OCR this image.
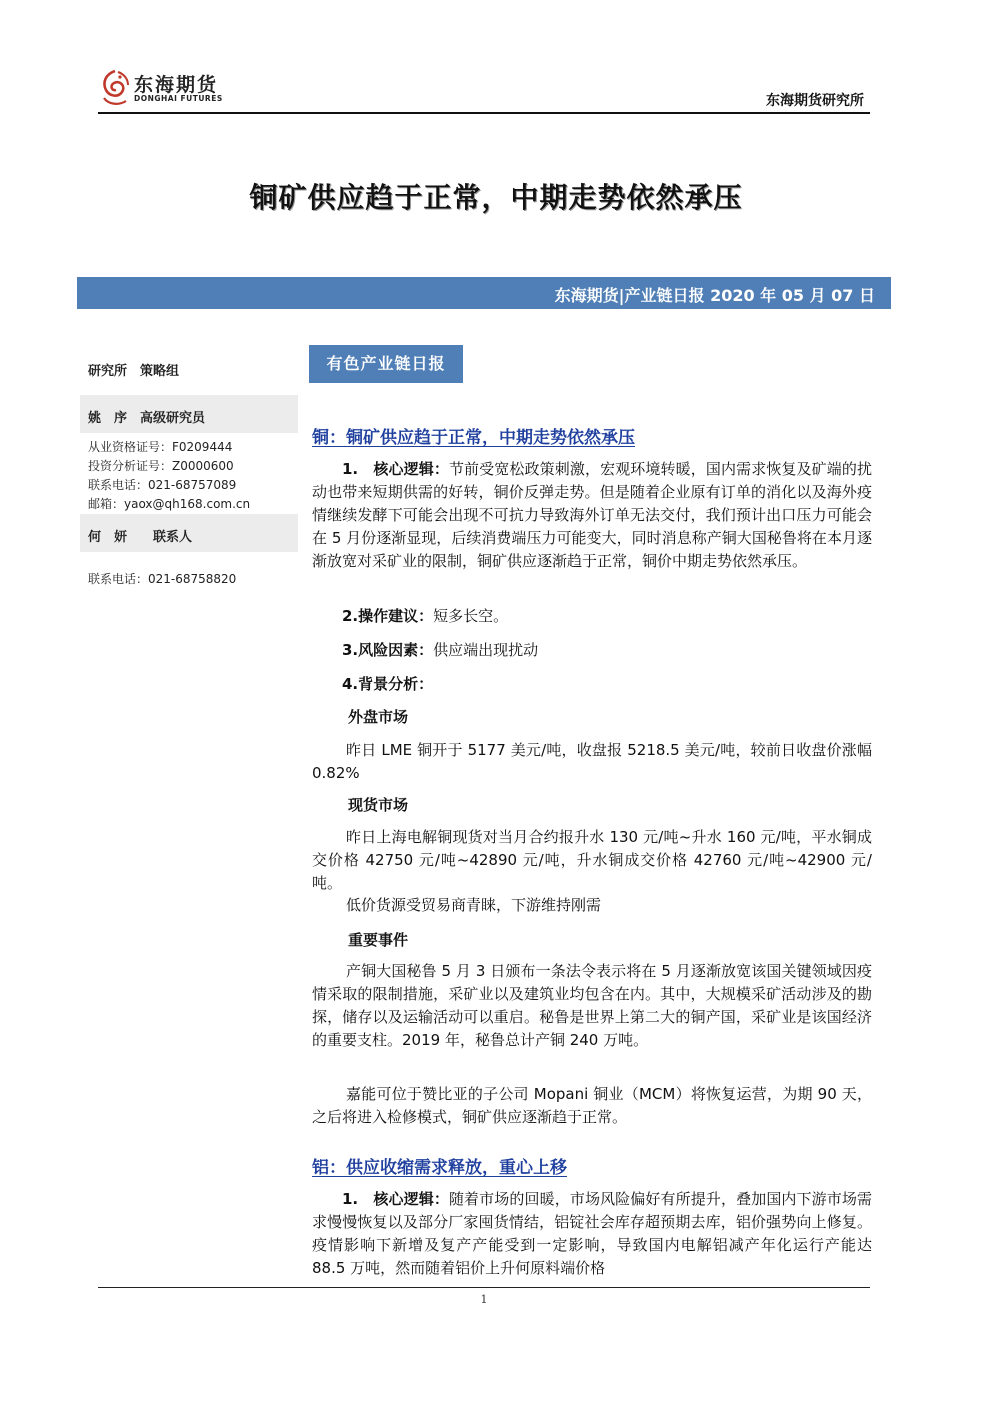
东海期货
DONGHAI FUTURES	东海期货研究所
铜矿供应趋于正常，中期走势依然承压
东海期货|产业链日报 2020 年 05 月 07 日
研究所　策略组
姚　序　高级研究员
从业资格证号：F0209444
投资分析证号：Z0000600
联系电话：021-68757089
邮箱：yaox@qh168.com.cn
何　妍　　联系人
联系电话：021-68758820
有色产业链日报
铜：铜矿供应趋于正常，中期走势依然承压

1.　核心逻辑：节前受宽松政策刺激，宏观环境转暖，国内需求恢复及矿端的扰动也带来短期供需的好转，铜价反弹走势。但是随着企业原有订单的消化以及海外疫情继续发酵下可能会出现不可抗力导致海外订单无法交付，我们预计出口压力可能会在 5 月份逐渐显现，后续消费端压力可能变大，同时消息称产铜大国秘鲁将在本月逐渐放宽对采矿业的限制，铜矿供应逐渐趋于正常，铜价中期走势依然承压。

2.操作建议：短多长空。

3.风险因素：供应端出现扰动

4.背景分析：

外盘市场

昨日 LME 铜开于 5177 美元/吨，收盘报 5218.5 美元/吨，较前日收盘价涨幅 0.82%

现货市场

昨日上海电解铜现货对当月合约报升水 130 元/吨~升水 160 元/吨，平水铜成交价格 42750 元/吨~42890 元/吨，升水铜成交价格 42760 元/吨~42900 元/吨。

低价货源受贸易商青睐，下游维持刚需

重要事件

产铜大国秘鲁 5 月 3 日颁布一条法令表示将在 5 月逐渐放宽该国关键领域因疫情采取的限制措施，采矿业以及建筑业均包含在内。其中，大规模采矿活动涉及的勘探，储存以及运输活动可以重启。秘鲁是世界上第二大的铜产国，采矿业是该国经济的重要支柱。2019 年，秘鲁总计产铜 240 万吨。

嘉能可位于赞比亚的子公司 Mopani 铜业（MCM）将恢复运营，为期 90 天，之后将进入检修模式，铜矿供应逐渐趋于正常。

铝：供应收缩需求释放，重心上移

1.　核心逻辑：随着市场的回暖，市场风险偏好有所提升，叠加国内下游市场需求慢慢恢复以及部分厂家囤货情结，铝锭社会库存超预期去库，铝价强势向上修复。疫情影响下新增及复产产能受到一定影响，导致国内电解铝减产年化运行产能达 88.5 万吨，然而随着铝价上升何原料端价格

1
